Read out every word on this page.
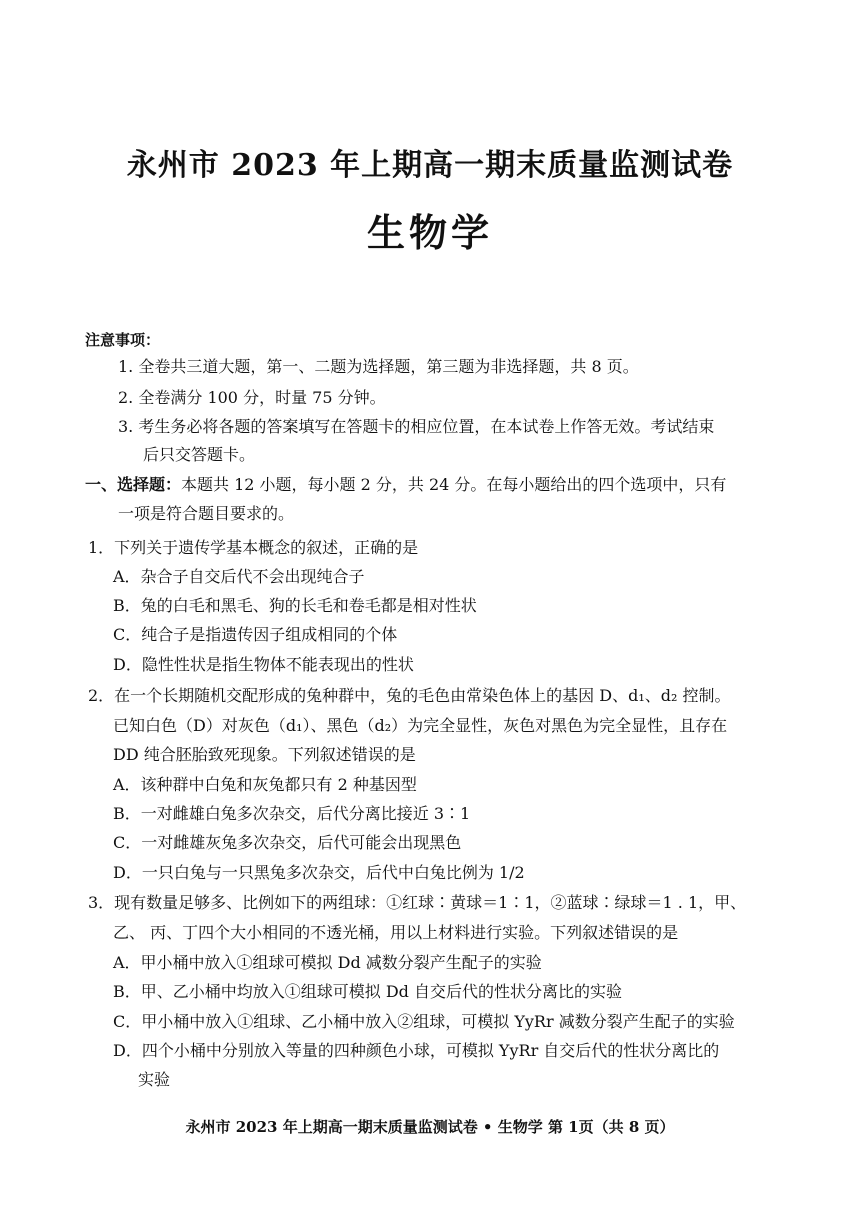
永州市 2023 年上期高一期末质量监测试卷
生物学
注意事项：
1. 全卷共三道大题，第一、二题为选择题，第三题为非选择题，共 8 页。
2. 全卷满分 100 分，时量 75 分钟。
3. 考生务必将各题的答案填写在答题卡的相应位置，在本试卷上作答无效。考试结束
后只交答题卡。
一、选择题：本题共 12 小题，每小题 2 分，共 24 分。在每小题给出的四个选项中，只有
一项是符合题目要求的。
1．下列关于遗传学基本概念的叙述，正确的是
A．杂合子自交后代不会出现纯合子
B．兔的白毛和黑毛、狗的长毛和卷毛都是相对性状
C．纯合子是指遗传因子组成相同的个体
D．隐性性状是指生物体不能表现出的性状
2．在一个长期随机交配形成的兔种群中，兔的毛色由常染色体上的基因 D、d₁、d₂ 控制。
已知白色（D）对灰色（d₁）、黑色（d₂）为完全显性，灰色对黑色为完全显性，且存在
DD 纯合胚胎致死现象。下列叙述错误的是
A．该种群中白兔和灰兔都只有 2 种基因型
B．一对雌雄白兔多次杂交，后代分离比接近 3∶1
C．一对雌雄灰兔多次杂交，后代可能会出现黑色
D．一只白兔与一只黑兔多次杂交，后代中白兔比例为 1/2
3．现有数量足够多、比例如下的两组球：①红球∶黄球＝1∶1，②蓝球∶绿球＝1 . 1，甲、
乙、 丙、丁四个大小相同的不透光桶，用以上材料进行实验。下列叙述错误的是
A．甲小桶中放入①组球可模拟 Dd 减数分裂产生配子的实验
B．甲、乙小桶中均放入①组球可模拟 Dd 自交后代的性状分离比的实验
C．甲小桶中放入①组球、乙小桶中放入②组球，可模拟 YyRr 减数分裂产生配子的实验
D．四个小桶中分别放入等量的四种颜色小球，可模拟 YyRr 自交后代的性状分离比的
实验
永州市 2023 年上期高一期末质量监测试卷 • 生物学 第 1页（共 8 页）
